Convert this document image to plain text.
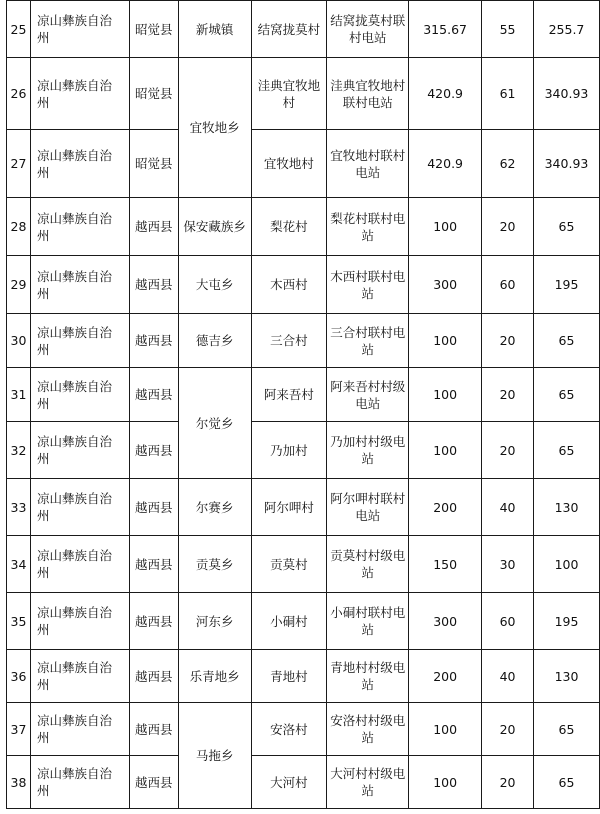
25	凉山彝族自治
州	昭觉县	新城镇	结窝拢莫村	结窝拢莫村联
村电站	315.67	55	255.7
26	凉山彝族自治
州	昭觉县	宜牧地乡	洼典宜牧地村	洼典宜牧地村
联村电站	420.9	61	340.93
27	凉山彝族自治
州	昭觉县		宜牧地村	宜牧地村联村
电站	420.9	62	340.93
28	凉山彝族自治
州	越西县	保安藏族乡	梨花村	梨花村联村电
站	100	20	65
29	凉山彝族自治
州	越西县	大屯乡	木西村	木西村联村电
站	300	60	195
30	凉山彝族自治
州	越西县	德吉乡	三合村	三合村联村电
站	100	20	65
31	凉山彝族自治
州	越西县	尔觉乡	阿来吾村	阿来吾村村级
电站	100	20	65
32	凉山彝族自治
州	越西县		乃加村	乃加村村级电
站	100	20	65
33	凉山彝族自治
州	越西县	尔赛乡	阿尔呷村	阿尔呷村联村
电站	200	40	130
34	凉山彝族自治
州	越西县	贡莫乡	贡莫村	贡莫村村级电
站	150	30	100
35	凉山彝族自治
州	越西县	河东乡	小硐村	小硐村联村电
站	300	60	195
36	凉山彝族自治
州	越西县	乐青地乡	青地村	青地村村级电
站	200	40	130
37	凉山彝族自治
州	越西县	马拖乡	安洛村	安洛村村级电
站	100	20	65
38	凉山彝族自治
州	越西县		大河村	大河村村级电
站	100	20	65
